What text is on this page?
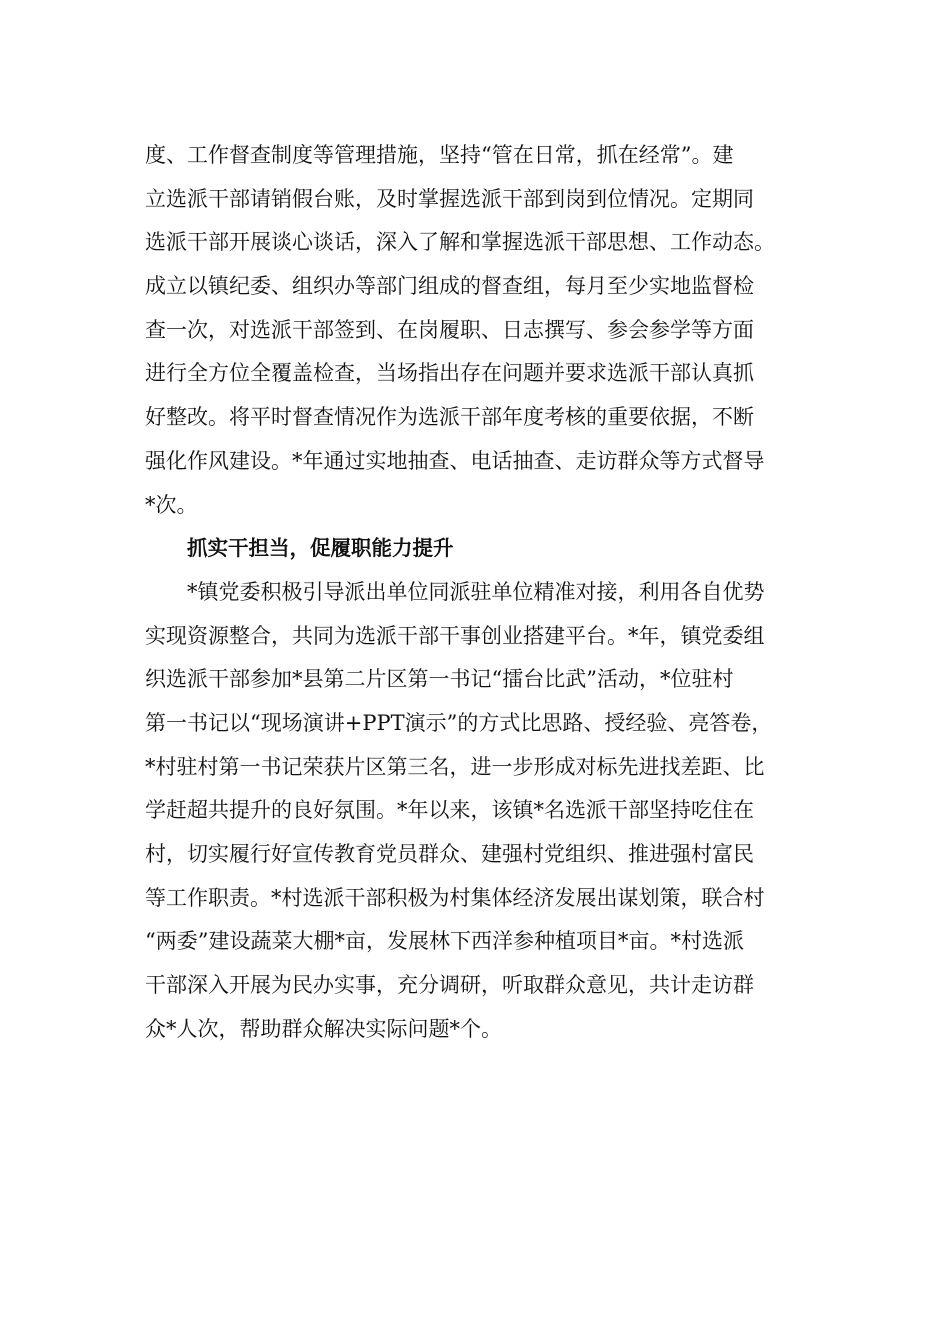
度、工作督查制度等管理措施，坚持“管在日常，抓在经常”。建
立选派干部请销假台账，及时掌握选派干部到岗到位情况。定期同
选派干部开展谈心谈话，深入了解和掌握选派干部思想、工作动态。
成立以镇纪委、组织办等部门组成的督查组，每月至少实地监督检
查一次，对选派干部签到、在岗履职、日志撰写、参会参学等方面
进行全方位全覆盖检查，当场指出存在问题并要求选派干部认真抓
好整改。将平时督查情况作为选派干部年度考核的重要依据，不断
强化作风建设。*年通过实地抽查、电话抽查、走访群众等方式督导
*次。
抓实干担当，促履职能力提升
*镇党委积极引导派出单位同派驻单位精准对接，利用各自优势
实现资源整合，共同为选派干部干事创业搭建平台。*年，镇党委组
织选派干部参加*县第二片区第一书记“擂台比武”活动，*位驻村
第一书记以“现场演讲+PPT演示”的方式比思路、授经验、亮答卷，
*村驻村第一书记荣获片区第三名，进一步形成对标先进找差距、比
学赶超共提升的良好氛围。*年以来，该镇*名选派干部坚持吃住在
村，切实履行好宣传教育党员群众、建强村党组织、推进强村富民
等工作职责。*村选派干部积极为村集体经济发展出谋划策，联合村
“两委”建设蔬菜大棚*亩，发展林下西洋参种植项目*亩。*村选派
干部深入开展为民办实事，充分调研，听取群众意见，共计走访群
众*人次，帮助群众解决实际问题*个。
